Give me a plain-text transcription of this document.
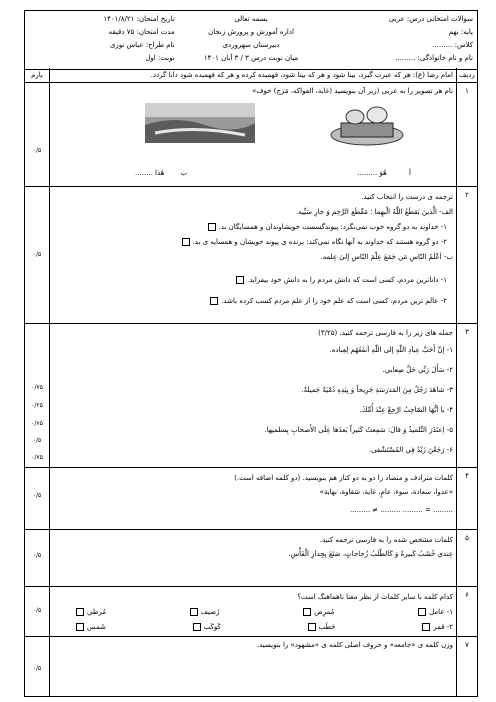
سوالات امتحانی درس: عربی
پایه: نهم
کلاس: .........
نام و نام خانوادگی: .........
بسمه تعالی
اداره آموزش و پرورش زنجان
دبیرستان سهروردی
میان نوبت درس ۳ / ۳ آبان ۱۴۰۱
تاریخ امتحان: ۱۴۰۱/۸/۲۱
مدت امتحان: ۷۵ دقیقه
نام طراح: عباس نوری
نوبت: اول
ردیف
امام رضا (ع): هر که عبرت گیرد، بینا شود و هر که بینا شود، فهمیده کرده و هر که فهمیده شود دانا گردد.
بارم
۱
نام هر تصویر را به عربی (زیر آن بنویسید (غابة، الفواکه، مَرَج) خوف»
أ هُوَ .........
ب هٰذا ........
۰/۵
۲
ترجمه ی درست را انتخاب کنید.
الف- الَّذینَ يَقطَعُ اللّٰهُ الْبهِما ؛ مَقْطَع الرَّحِم وَ جارِ سَيِّيه.
۱- خداوند به دو گروه خوب نمی‌نگرد: پیوندگسست خویشاوندان و همسایگان بد.
۲- دو گروه هستند که خداوند به آنها نگاه نمی‌کند: برنده ی پیوند خویشان و همسایه ی بد.
ب- اَعْلَمُ النّاسِ مَن جَمَعَ عِلْمَ النّاسِ إلىٰ عِلمه.
۱- داناترین مردم، کسی است که دانش مردم را به دانش خود بیفزاید.
۲- عالم ترین مردم، کسی است که علم خود را از علم مردم کسب کرده باشد.
۰/۵
۳
جمله های زیر را به فارسی ترجمه کنید. (۳/۲۵)
۱- إنَّ أَحَبَّ عِبادِ اللّٰهِ إلى اللّٰهِ أنفَعُهُم لِعِباده.
۲- سَأَلَ رَبِّي حَلَّ صِعابي.
۳- شاهَدَ رَجُلٌ مِنَ المَدرَسَةِ جَرِيحاً وَ بِيَدِهِ دُمْيَةٌ جَميلةٌ.
۴- يا أيُّهَا الصّاحِبُ ارْجِعْ عِنْدَ أُمِّكَ.
۵- اِعتَذَرَ التِّلمیذُ وَ قالَ: سَمِعتُ كَثيراً بَعدَها عِلَى الأَصحابِ بِسلمیها.
۶- رَجَعْنَ زَيْدٌ فِي المُسْتَشْفى.
۰/۷۵
۰/۲۵
۰/۷۵
۰/۵
۰/۷۵
۴
کلمات مترادف و متضاد را دو به دو کنار هم بنویسید. (دو کلمه اضافه است.)
«عدوا، سعادة، سوء، عامٍ، غایة، شقاوة، نهایة»
......... = ......... ......... ≠ .........
۰/۵
۵
کلمات مشخص شده را به فارسی ترجمه کنید.
عِندي خُشَبُ كَبيرةٌ وَ كَالطّلبُ زُجاجاتٍ، صَنَعَ بِجِدارِ الْفَأْسِ.
۰/۵
۶
کدام کلمه با سایر کلمات از نظر معنا ناهماهنگ است؟
۱- عامل
مُمرِض
رُصيف
مُرطي
۲- قمر
حَطَب
كَوكَب
شَمس
۰/۵
۷
وزن کلمه ی «جامعه» و حروف اصلی کلمه ی «مشهود» را بنویسید.
۰/۵
